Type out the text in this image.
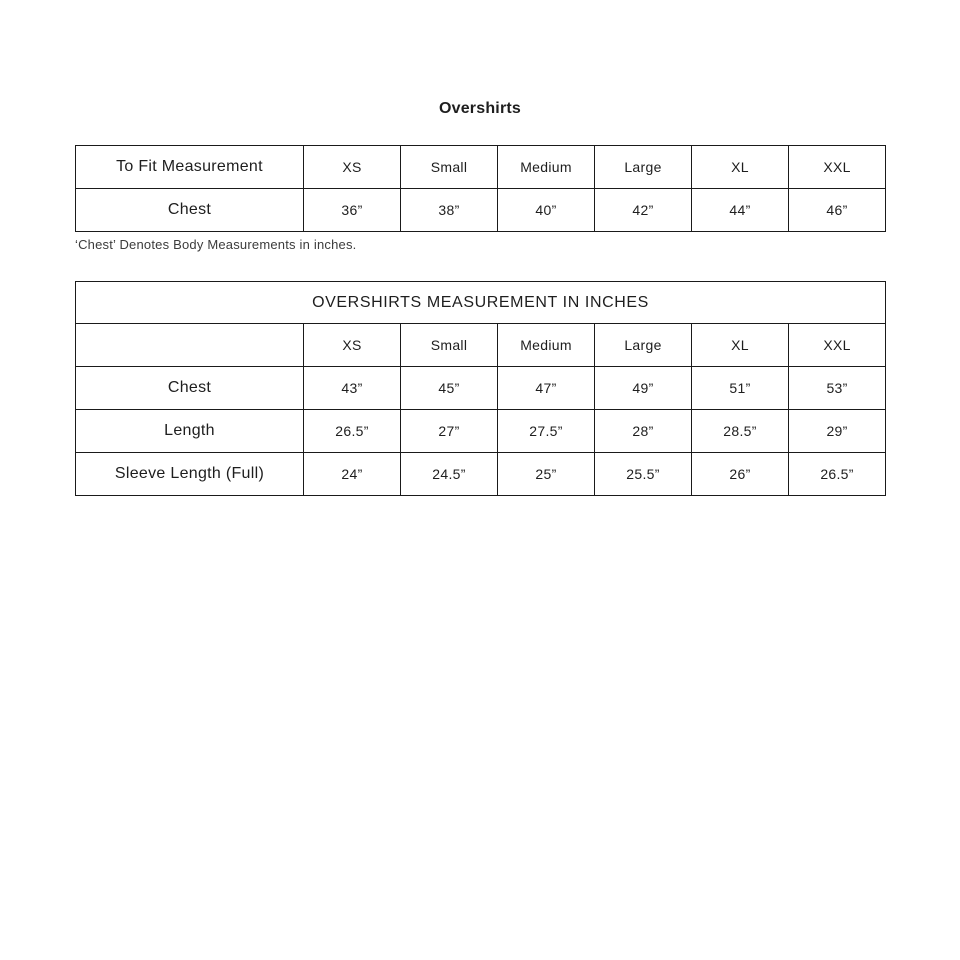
Overshirts
To Fit Measurement	XS	Small	Medium	Large	XL	XXL
Chest	36”	38”	40”	42”	44”	46”
‘Chest’ Denotes Body Measurements in inches.
OVERSHIRTS MEASUREMENT IN INCHES						
	XS	Small	Medium	Large	XL	XXL
Chest	43”	45”	47”	49”	51”	53”
Length	26.5”	27”	27.5”	28”	28.5”	29”
Sleeve Length (Full)	24”	24.5”	25”	25.5”	26”	26.5”
